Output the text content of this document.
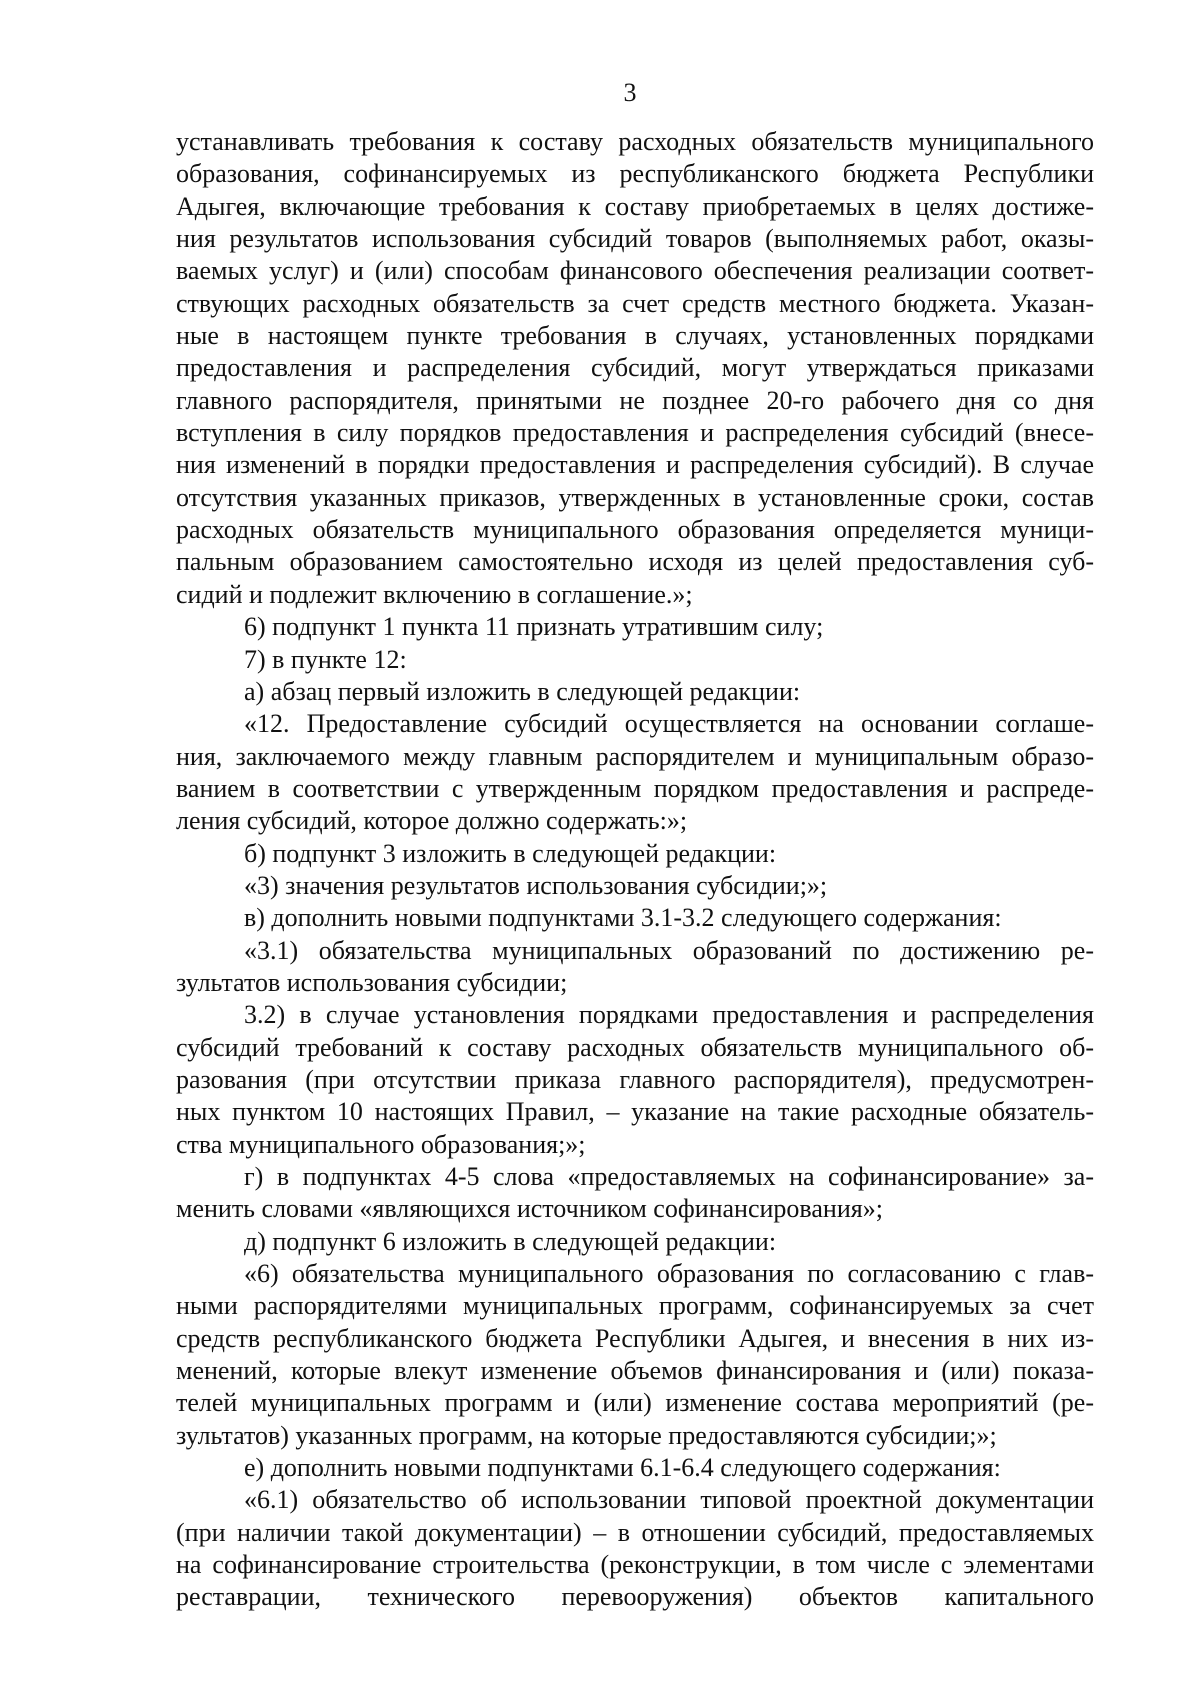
3
устанавливать требования к составу расходных обязательств муниципального
образования, софинансируемых из республиканского бюджета Республики
Адыгея, включающие требования к составу приобретаемых в целях достиже-
ния результатов использования субсидий товаров (выполняемых работ, оказы-
ваемых услуг) и (или) способам финансового обеспечения реализации соответ-
ствующих расходных обязательств за счет средств местного бюджета. Указан-
ные в настоящем пункте требования в случаях, установленных порядками
предоставления и распределения субсидий, могут утверждаться приказами
главного распорядителя, принятыми не позднее 20-го рабочего дня со дня
вступления в силу порядков предоставления и распределения субсидий (внесе-
ния изменений в порядки предоставления и распределения субсидий). В случае
отсутствия указанных приказов, утвержденных в установленные сроки, состав
расходных обязательств муниципального образования определяется муници-
пальным образованием самостоятельно исходя из целей предоставления суб-
сидий и подлежит включению в соглашение.»;
6) подпункт 1 пункта 11 признать утратившим силу;
7) в пункте 12:
а) абзац первый изложить в следующей редакции:
«12. Предоставление субсидий осуществляется на основании соглаше-
ния, заключаемого между главным распорядителем и муниципальным образо-
ванием в соответствии с утвержденным порядком предоставления и распреде-
ления субсидий, которое должно содержать:»;
б) подпункт 3 изложить в следующей редакции:
«3) значения результатов использования субсидии;»;
в) дополнить новыми подпунктами 3.1-3.2 следующего содержания:
«3.1) обязательства муниципальных образований по достижению ре-
зультатов использования субсидии;
3.2) в случае установления порядками предоставления и распределения
субсидий требований к составу расходных обязательств муниципального об-
разования (при отсутствии приказа главного распорядителя), предусмотрен-
ных пунктом 10 настоящих Правил, – указание на такие расходные обязатель-
ства муниципального образования;»;
г) в подпунктах 4-5 слова «предоставляемых на софинансирование» за-
менить словами «являющихся источником софинансирования»;
д) подпункт 6 изложить в следующей редакции:
«6) обязательства муниципального образования по согласованию с глав-
ными распорядителями муниципальных программ, софинансируемых за счет
средств республиканского бюджета Республики Адыгея, и внесения в них из-
менений, которые влекут изменение объемов финансирования и (или) показа-
телей муниципальных программ и (или) изменение состава мероприятий (ре-
зультатов) указанных программ, на которые предоставляются субсидии;»;
е) дополнить новыми подпунктами 6.1-6.4 следующего содержания:
«6.1) обязательство об использовании типовой проектной документации
(при наличии такой документации) – в отношении субсидий, предоставляемых
на софинансирование строительства (реконструкции, в том числе с элементами
реставрации, технического перевооружения) объектов капитального
